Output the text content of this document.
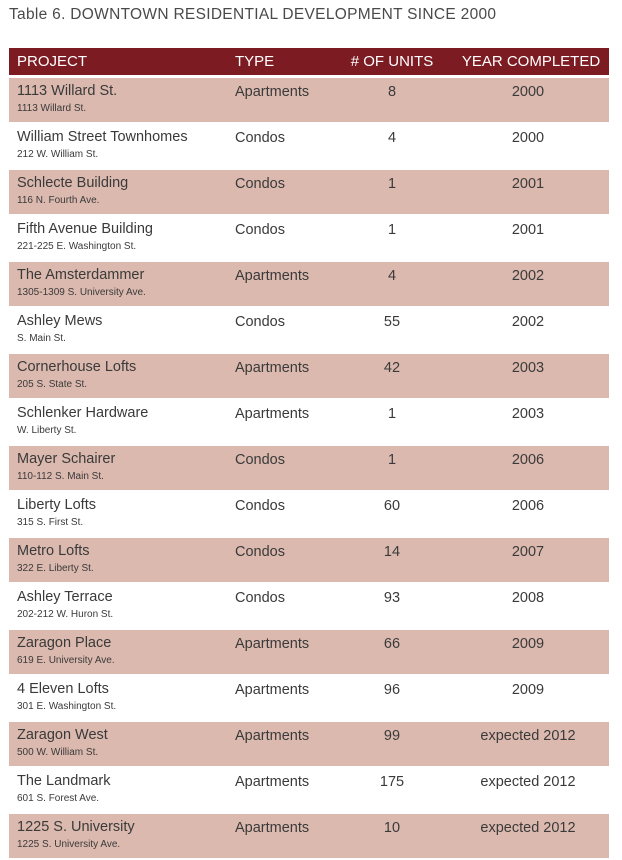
Table 6. DOWNTOWN RESIDENTIAL DEVELOPMENT SINCE 2000
PROJECT	TYPE	# OF UNITS	YEAR COMPLETED
1113 Willard St.
1113 Willard St.
Apartments	8	2000
William Street Townhomes
212 W. William St.
Condos	4	2000
Schlecte Building
116 N. Fourth Ave.
Condos	1	2001
Fifth Avenue Building
221-225 E. Washington St.
Condos	1	2001
The Amsterdammer
1305-1309 S. University Ave.
Apartments	4	2002
Ashley Mews
S. Main St.
Condos	55	2002
Cornerhouse Lofts
205 S. State St.
Apartments	42	2003
Schlenker Hardware
W. Liberty St.
Apartments	1	2003
Mayer Schairer
110-112 S. Main St.
Condos	1	2006
Liberty Lofts
315 S. First St.
Condos	60	2006
Metro Lofts
322 E. Liberty St.
Condos	14	2007
Ashley Terrace
202-212 W. Huron St.
Condos	93	2008
Zaragon Place
619 E. University Ave.
Apartments	66	2009
4 Eleven Lofts
301 E. Washington St.
Apartments	96	2009
Zaragon West
500 W. William St.
Apartments	99	expected 2012
The Landmark
601 S. Forest Ave.
Apartments	175	expected 2012
1225 S. University
1225 S. University Ave.
Apartments	10	expected 2012
